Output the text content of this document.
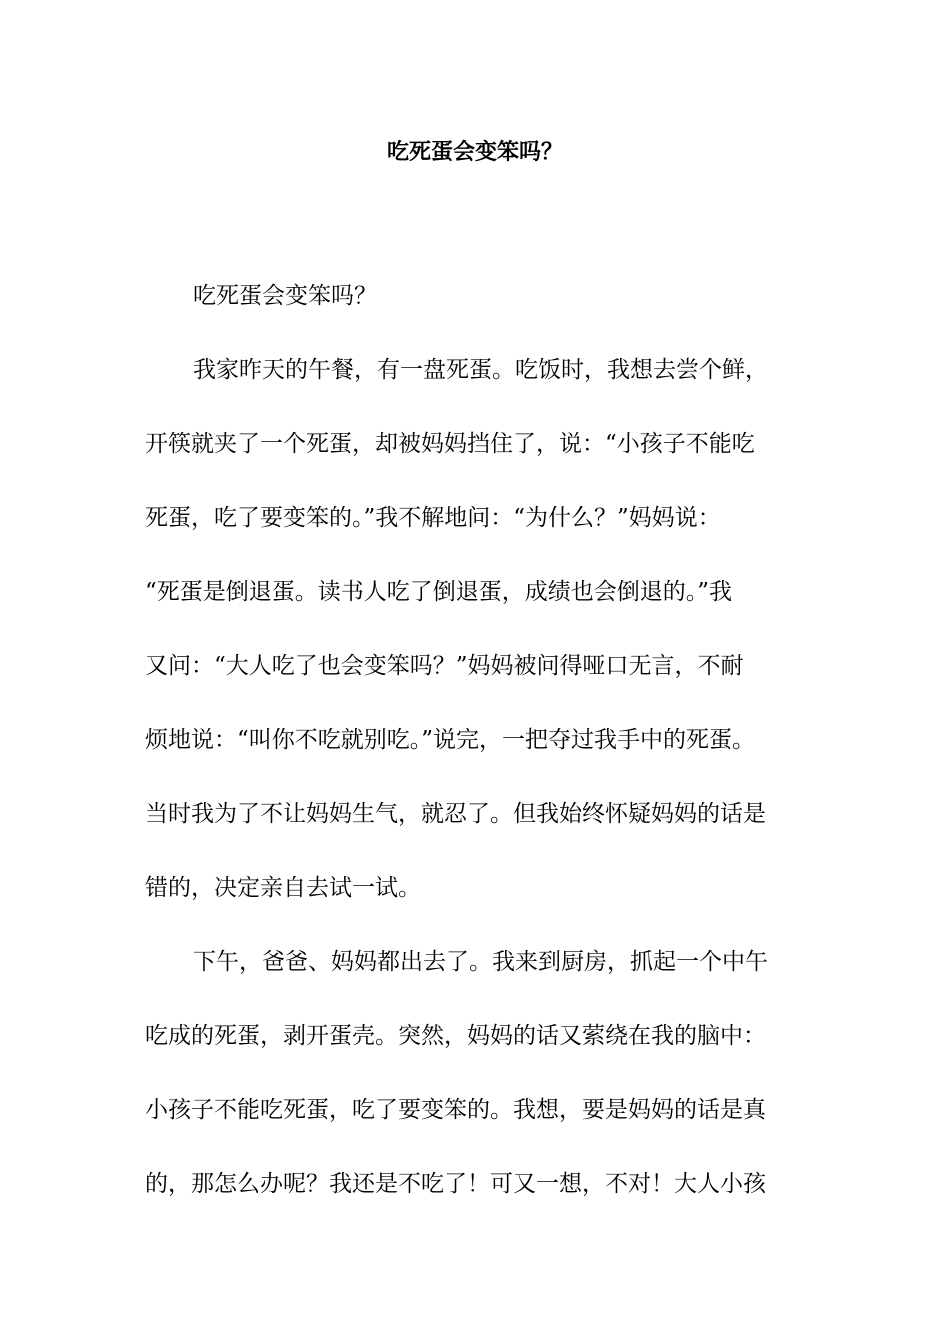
吃死蛋会变笨吗？
吃死蛋会变笨吗？
我家昨天的午餐，有一盘死蛋。吃饭时，我想去尝个鲜，
开筷就夹了一个死蛋，却被妈妈挡住了，说：“小孩子不能吃
死蛋，吃了要变笨的。”我不解地问：“为什么？”妈妈说：
“死蛋是倒退蛋。读书人吃了倒退蛋，成绩也会倒退的。”我
又问：“大人吃了也会变笨吗？”妈妈被问得哑口无言，不耐
烦地说：“叫你不吃就别吃。”说完，一把夺过我手中的死蛋。
当时我为了不让妈妈生气，就忍了。但我始终怀疑妈妈的话是
错的，决定亲自去试一试。
下午，爸爸、妈妈都出去了。我来到厨房，抓起一个中午
吃成的死蛋，剥开蛋壳。突然，妈妈的话又萦绕在我的脑中：
小孩子不能吃死蛋，吃了要变笨的。我想，要是妈妈的话是真
的，那怎么办呢？我还是不吃了！可又一想，不对！大人小孩
